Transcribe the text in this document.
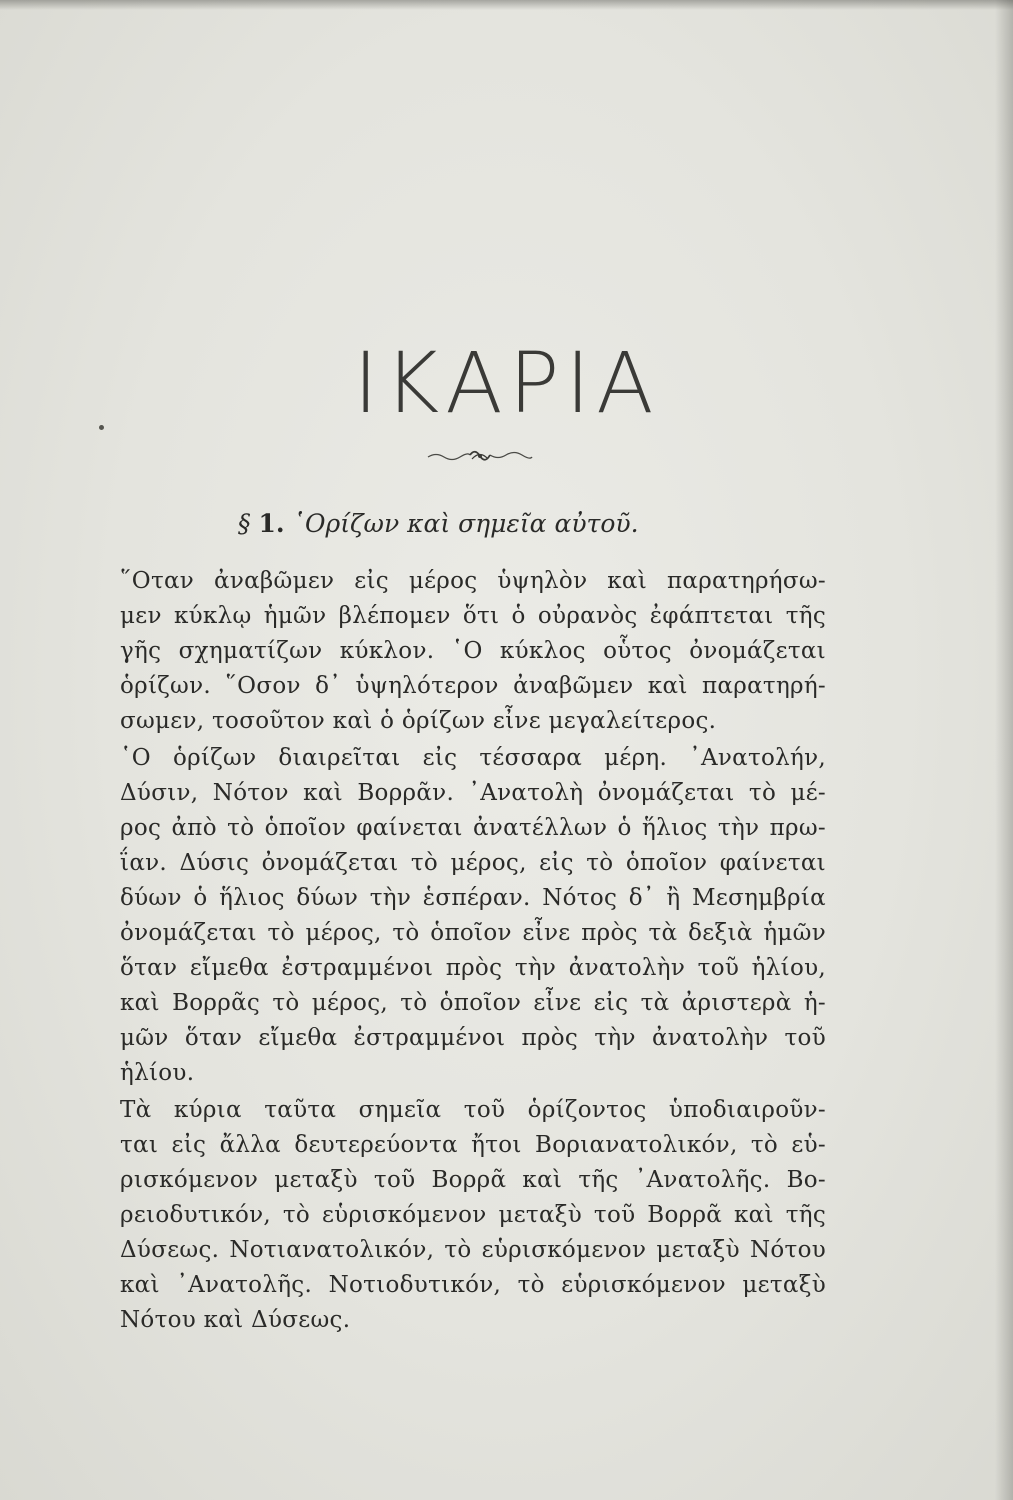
ΙΚΑΡΙΑ
§ 1. ῾Ορίζων καὶ σημεῖα αὐτοῦ.
῞Οταν ἀναβῶμεν εἰς μέρος ὑψηλὸν καὶ παρατηρήσω-
μεν κύκλῳ ἡμῶν βλέπομεν ὅτι ὁ οὐρανὸς ἐφάπτεται τῆς
γῆς σχηματίζων κύκλον. ῾Ο κύκλος οὗτος ὀνομάζεται
ὁρίζων. ῞Οσον δ᾽ ὑψηλότερον ἀναβῶμεν καὶ παρατηρή-
σωμεν, τοσοῦτον καὶ ὁ ὁρίζων εἶνε μεγαλείτερος.
῾Ο ὁρίζων διαιρεῖται εἰς τέσσαρα μέρη. ᾿Ανατολήν,
Δύσιν, Νότον καὶ Βορρᾶν. ᾿Ανατολὴ ὀνομάζεται τὸ μέ-
ρος ἀπὸ τὸ ὁποῖον φαίνεται ἀνατέλλων ὁ ἥλιος τὴν πρω-
ΐαν. Δύσις ὀνομάζεται τὸ μέρος, εἰς τὸ ὁποῖον φαίνεται
δύων ὁ ἥλιος δύων τὴν ἑσπέραν. Νότος δ᾽ ἢ Μεσημβρία
ὀνομάζεται τὸ μέρος, τὸ ὁποῖον εἶνε πρὸς τὰ δεξιὰ ἡμῶν
ὅταν εἴμεθα ἐστραμμένοι πρὸς τὴν ἀνατολὴν τοῦ ἡλίου,
καὶ Βορρᾶς τὸ μέρος, τὸ ὁποῖον εἶνε εἰς τὰ ἀριστερὰ ἡ-
μῶν ὅταν εἴμεθα ἐστραμμένοι πρὸς τὴν ἀνατολὴν τοῦ
ἡλίου.
Τὰ κύρια ταῦτα σημεῖα τοῦ ὁρίζοντος ὑποδιαιροῦν-
ται εἰς ἄλλα δευτερεύοντα ἤτοι Βοριανατολικόν, τὸ εὑ-
ρισκόμενον μεταξὺ τοῦ Βορρᾶ καὶ τῆς ᾿Ανατολῆς. Βο-
ρειοδυτικόν, τὸ εὑρισκόμενον μεταξὺ τοῦ Βορρᾶ καὶ τῆς
Δύσεως. Νοτιανατολικόν, τὸ εὑρισκόμενον μεταξὺ Νότου
καὶ ᾿Ανατολῆς. Νοτιοδυτικόν, τὸ εὑρισκόμενον μεταξὺ
Νότου καὶ Δύσεως.
